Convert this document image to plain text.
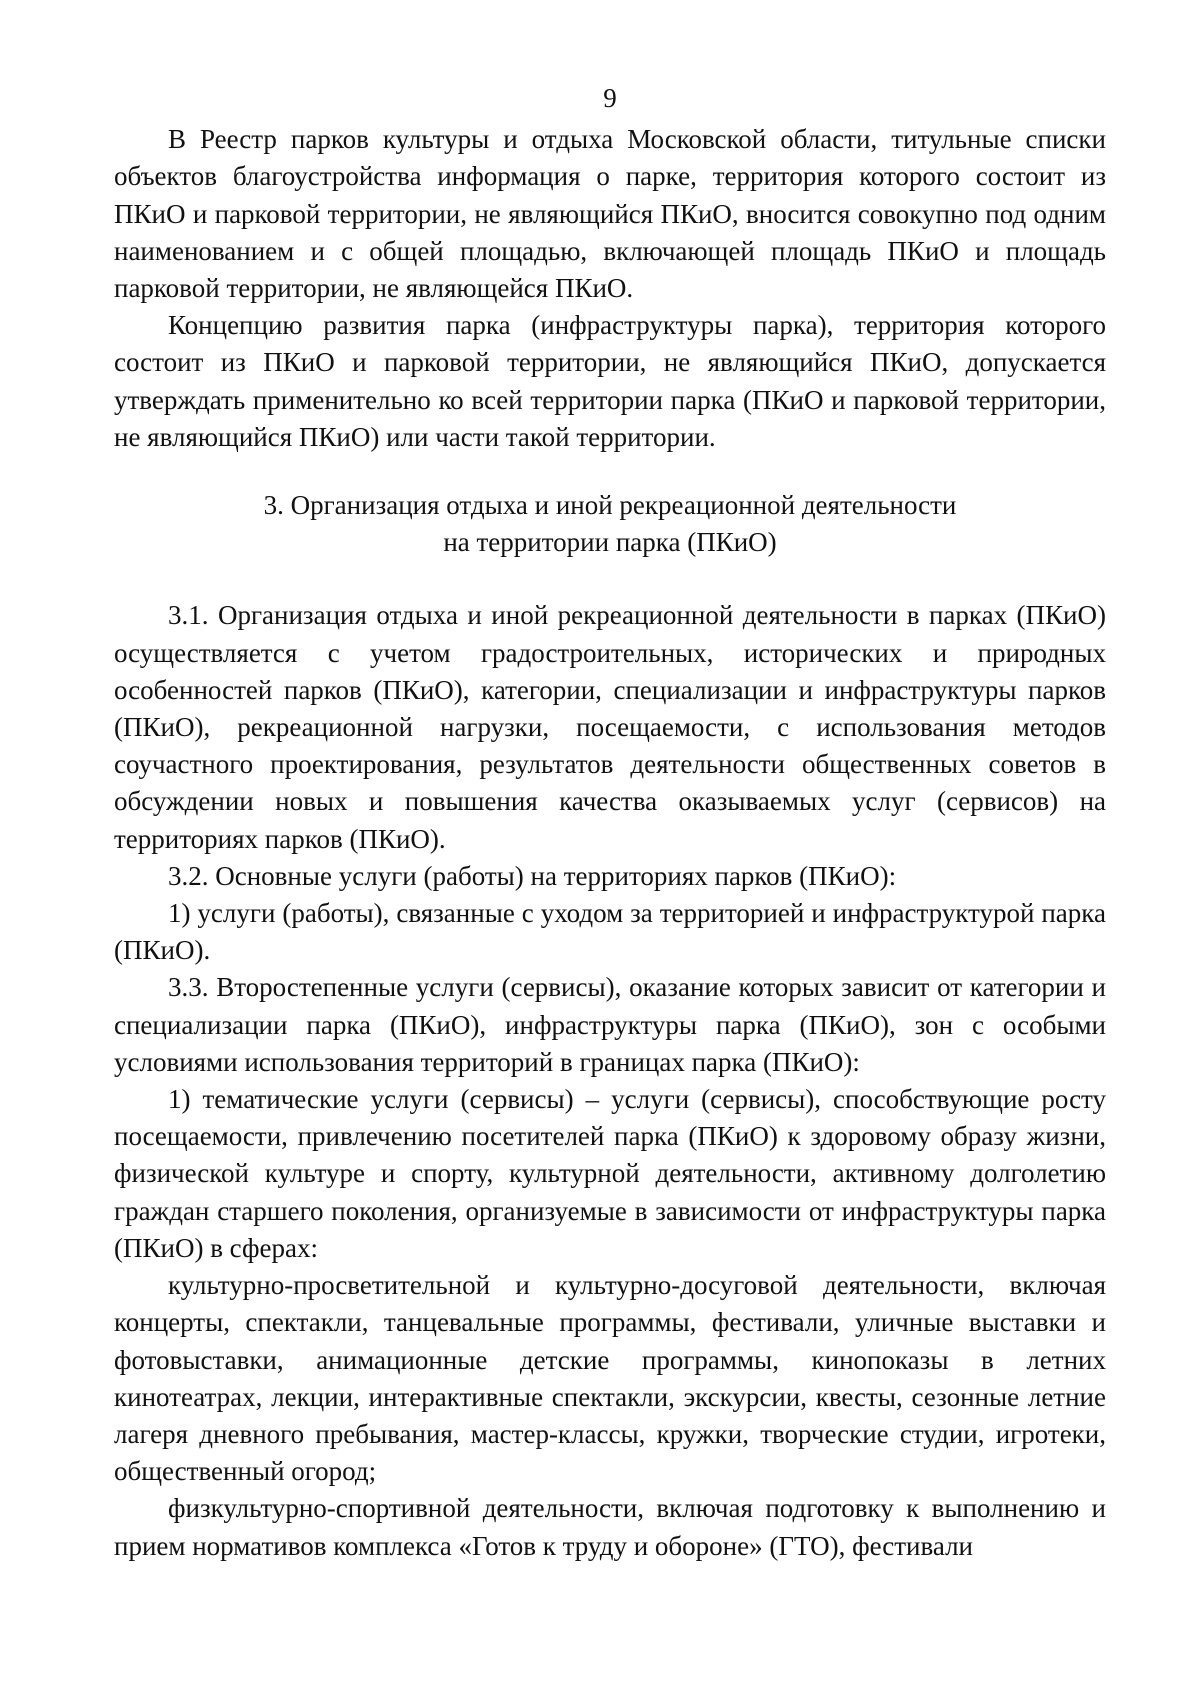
9

В Реестр парков культуры и отдыха Московской области, титульные списки объектов благоустройства информация о парке, территория которого состоит из ПКиО и парковой территории, не являющийся ПКиО, вносится совокупно под одним наименованием и с общей площадью, включающей площадь ПКиО и площадь парковой территории, не являющейся ПКиО.

Концепцию развития парка (инфраструктуры парка), территория которого состоит из ПКиО и парковой территории, не являющийся ПКиО, допускается утверждать применительно ко всей территории парка (ПКиО и парковой территории, не являющийся ПКиО) или части такой территории.

3. Организация отдыха и иной рекреационной деятельности
на территории парка (ПКиО)

3.1. Организация отдыха и иной рекреационной деятельности в парках (ПКиО) осуществляется с учетом градостроительных, исторических и природных особенностей парков (ПКиО), категории, специализации и инфраструктуры парков (ПКиО), рекреационной нагрузки, посещаемости, с использования методов соучастного проектирования, результатов деятельности общественных советов в обсуждении новых и повышения качества оказываемых услуг (сервисов) на территориях парков (ПКиО).

3.2. Основные услуги (работы) на территориях парков (ПКиО):

1) услуги (работы), связанные с уходом за территорией и инфраструктурой парка (ПКиО).

3.3. Второстепенные услуги (сервисы), оказание которых зависит от категории и специализации парка (ПКиО), инфраструктуры парка (ПКиО), зон с особыми условиями использования территорий в границах парка (ПКиО):

1) тематические услуги (сервисы) – услуги (сервисы), способствующие росту посещаемости, привлечению посетителей парка (ПКиО) к здоровому образу жизни, физической культуре и спорту, культурной деятельности, активному долголетию граждан старшего поколения, организуемые в зависимости от инфраструктуры парка (ПКиО) в сферах:

культурно-просветительной и культурно-досуговой деятельности, включая концерты, спектакли, танцевальные программы, фестивали, уличные выставки и фотовыставки, анимационные детские программы, кинопоказы в летних кинотеатрах, лекции, интерактивные спектакли, экскурсии, квесты, сезонные летние лагеря дневного пребывания, мастер-классы, кружки, творческие студии, игротеки, общественный огород;

физкультурно-спортивной деятельности, включая подготовку к выполнению и прием нормативов комплекса «Готов к труду и обороне» (ГТО), фестивали
